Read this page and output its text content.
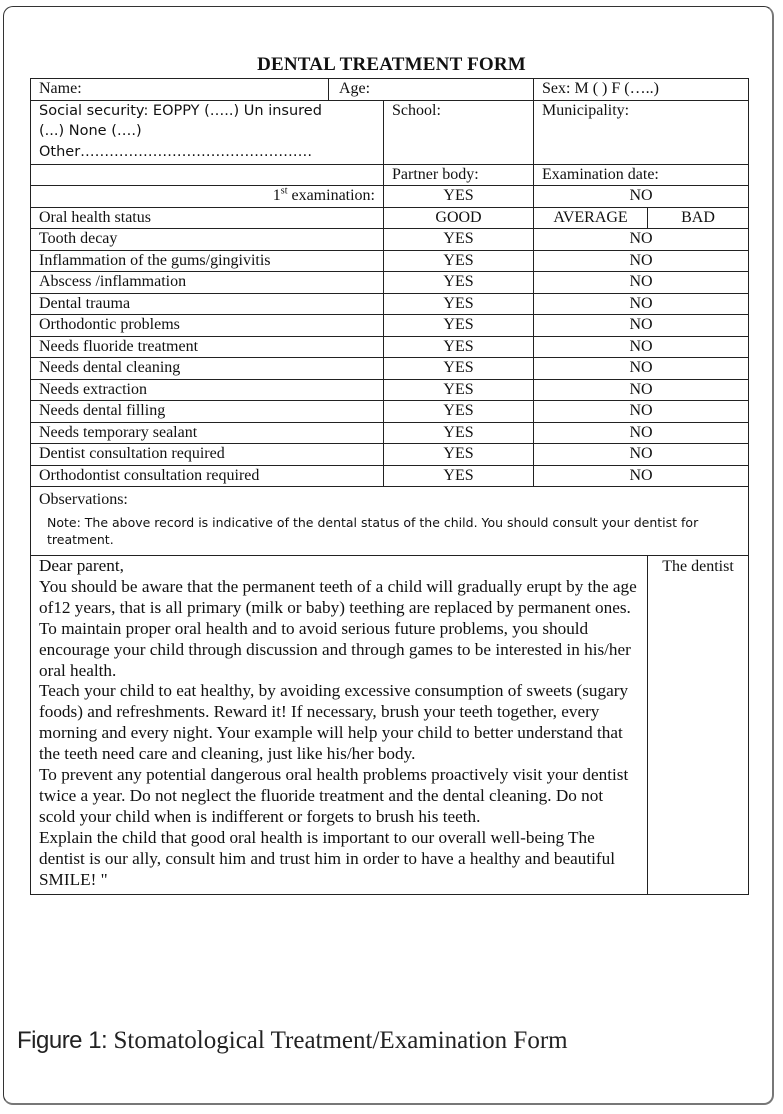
DENTAL TREATMENT FORM
Name:	Age:		Sex: M ( ) F (…..)	

Social security: EOPPY (…..) Un insured
(...) None (….)
Other…………………………………………		School:	Municipality:	
		Partner body:	Examination date:	
1st examination:		YES	NO	
Oral health status		GOOD	AVERAGE	BAD
Tooth decay		YES	NO	
Inflammation of the gums/gingivitis		YES	NO	
Abscess /inflammation		YES	NO	
Dental trauma		YES	NO	
Orthodontic problems		YES	NO	
Needs fluoride treatment		YES	NO	
Needs dental cleaning		YES	NO	
Needs extraction		YES	NO	
Needs dental filling		YES	NO	
Needs temporary sealant		YES	NO	
Dentist consultation required		YES	NO	
Orthodontist consultation required		YES	NO	

Observations:
Note: The above record is indicative of the dental status of the child. You should consult your dentist for treatment.				

Dear parent,
You should be aware that the permanent teeth of a child will gradually erupt by the age of12 years, that is all primary (milk or baby) teething are replaced by permanent ones.
To maintain proper oral health and to avoid serious future problems, you should encourage your child through discussion and through games to be interested in his/her oral health.
Teach your child to eat healthy, by avoiding excessive consumption of sweets (sugary foods) and refreshments. Reward it! If necessary, brush your teeth together, every morning and every night. Your example will help your child to better understand that the teeth need care and cleaning, just like his/her body.
To prevent any potential dangerous oral health problems proactively visit your dentist twice a year. Do not neglect the fluoride treatment and the dental cleaning. Do not scold your child when is indifferent or forgets to brush his teeth.
Explain the child that good oral health is important to our overall well-being The dentist is our ally, consult him and trust him in order to have a healthy and beautiful SMILE! "
	The dentist
Figure 1: Stomatological Treatment/Examination Form
